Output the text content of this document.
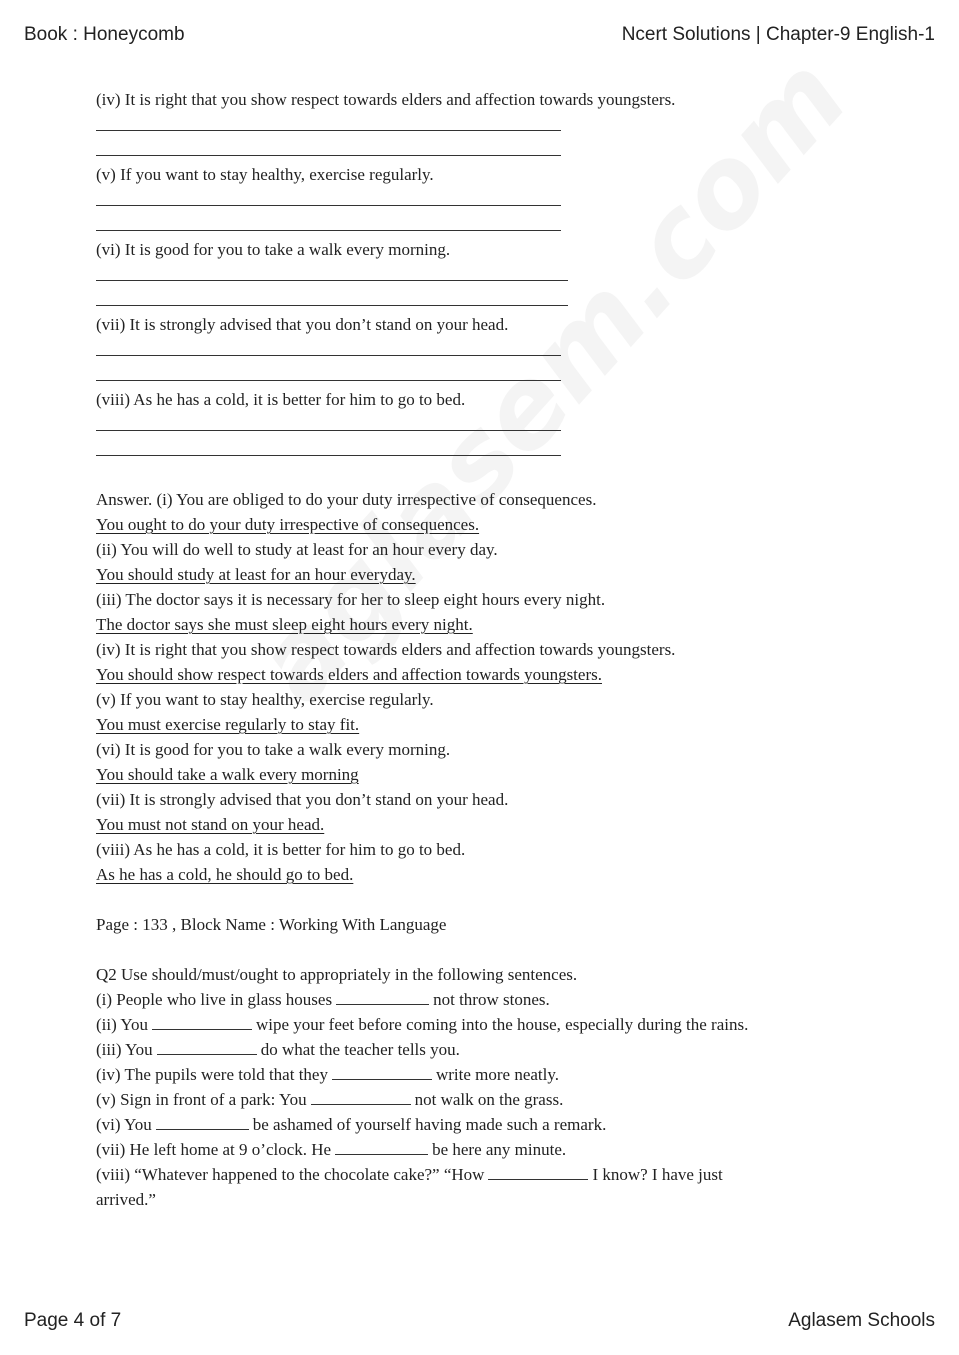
Book : Honeycomb	Ncert Solutions | Chapter-9 English-1
(iv) It is right that you show respect towards elders and affection towards youngsters.
(v) If you want to stay healthy, exercise regularly.
(vi) It is good for you to take a walk every morning.
(vii) It is strongly advised that you don’t stand on your head.
(viii) As he has a cold, it is better for him to go to bed.
Answer. (i) You are obliged to do your duty irrespective of consequences.
You ought to do your duty irrespective of consequences.
(ii) You will do well to study at least for an hour every day.
You should study at least for an hour everyday.
(iii) The doctor says it is necessary for her to sleep eight hours every night.
The doctor says she must sleep eight hours every night.
(iv) It is right that you show respect towards elders and affection towards youngsters.
You should show respect towards elders and affection towards youngsters.
(v) If you want to stay healthy, exercise regularly.
You must exercise regularly to stay fit.
(vi) It is good for you to take a walk every morning.
You should take a walk every morning
(vii) It is strongly advised that you don’t stand on your head.
You must not stand on your head.
(viii) As he has a cold, it is better for him to go to bed.
As he has a cold, he should go to bed.
Page : 133 , Block Name : Working With Language
Q2 Use should/must/ought to appropriately in the following sentences.
(i) People who live in glass houses	not throw stones.
(ii) You	wipe your feet before coming into the house, especially during the rains.
(iii) You	do what the teacher tells you.
(iv) The pupils were told that they	write more neatly.
(v) Sign in front of a park: You	not walk on the grass.
(vi) You	be ashamed of yourself having made such a remark.
(vii) He left home at 9 o’clock. He	be here any minute.
(viii) “Whatever happened to the chocolate cake?” “How	I know? I have just
arrived.”
Page 4 of 7	Aglasem Schools
